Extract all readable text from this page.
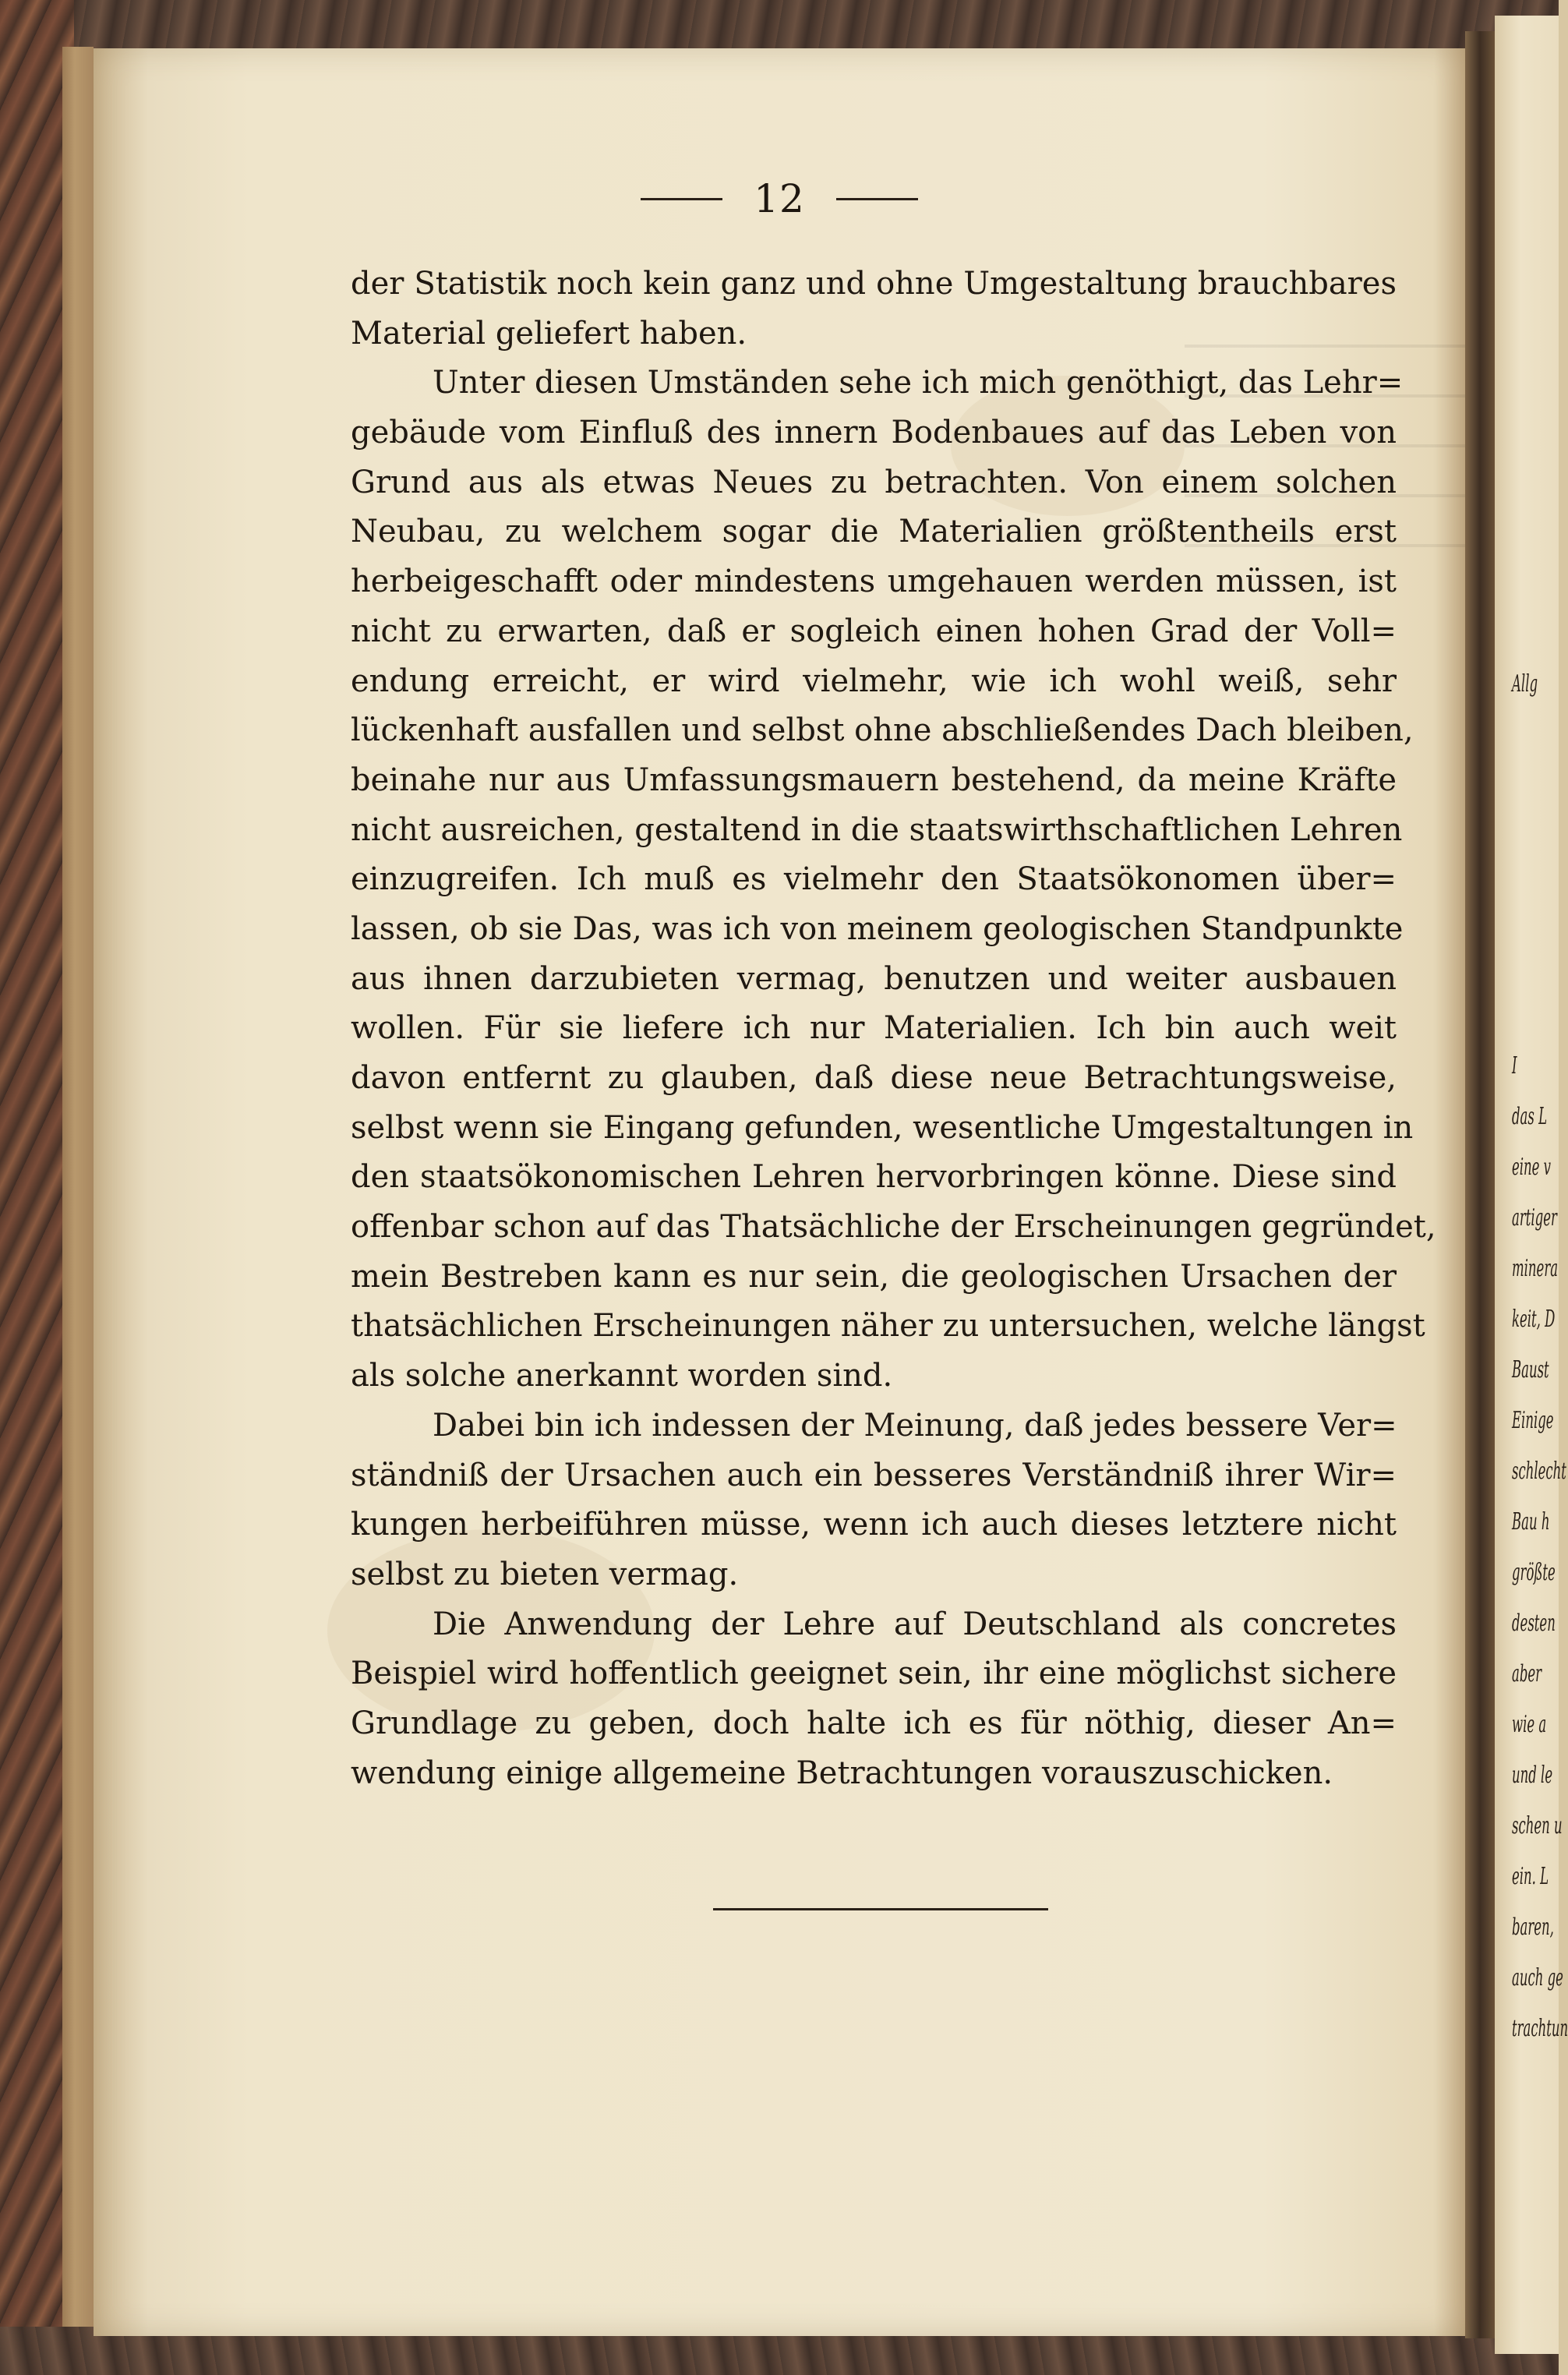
Allg
I
das L
eine v
artiger
minera
keit, D
Baust
Einige
schlecht
Bau h
größte
desten
aber
wie a
und le
schen u
ein. L
baren,
auch ge
trachtun
12
der Statistik noch kein ganz und ohne Umgestaltung brauchbares
Material geliefert haben.
Unter diesen Umständen sehe ich mich genöthigt, das Lehr=
gebäude vom Einfluß des innern Bodenbaues auf das Leben von
Grund aus als etwas Neues zu betrachten. Von einem solchen
Neubau, zu welchem sogar die Materialien größtentheils erst
herbeigeschafft oder mindestens umgehauen werden müssen, ist
nicht zu erwarten, daß er sogleich einen hohen Grad der Voll=
endung erreicht, er wird vielmehr, wie ich wohl weiß, sehr
lückenhaft ausfallen und selbst ohne abschließendes Dach bleiben,
beinahe nur aus Umfassungsmauern bestehend, da meine Kräfte
nicht ausreichen, gestaltend in die staatswirthschaftlichen Lehren
einzugreifen. Ich muß es vielmehr den Staatsökonomen über=
lassen, ob sie Das, was ich von meinem geologischen Standpunkte
aus ihnen darzubieten vermag, benutzen und weiter ausbauen
wollen. Für sie liefere ich nur Materialien. Ich bin auch weit
davon entfernt zu glauben, daß diese neue Betrachtungsweise,
selbst wenn sie Eingang gefunden, wesentliche Umgestaltungen in
den staatsökonomischen Lehren hervorbringen könne. Diese sind
offenbar schon auf das Thatsächliche der Erscheinungen gegründet,
mein Bestreben kann es nur sein, die geologischen Ursachen der
thatsächlichen Erscheinungen näher zu untersuchen, welche längst
als solche anerkannt worden sind.
Dabei bin ich indessen der Meinung, daß jedes bessere Ver=
ständniß der Ursachen auch ein besseres Verständniß ihrer Wir=
kungen herbeiführen müsse, wenn ich auch dieses letztere nicht
selbst zu bieten vermag.
Die Anwendung der Lehre auf Deutschland als concretes
Beispiel wird hoffentlich geeignet sein, ihr eine möglichst sichere
Grundlage zu geben, doch halte ich es für nöthig, dieser An=
wendung einige allgemeine Betrachtungen vorauszuschicken.
